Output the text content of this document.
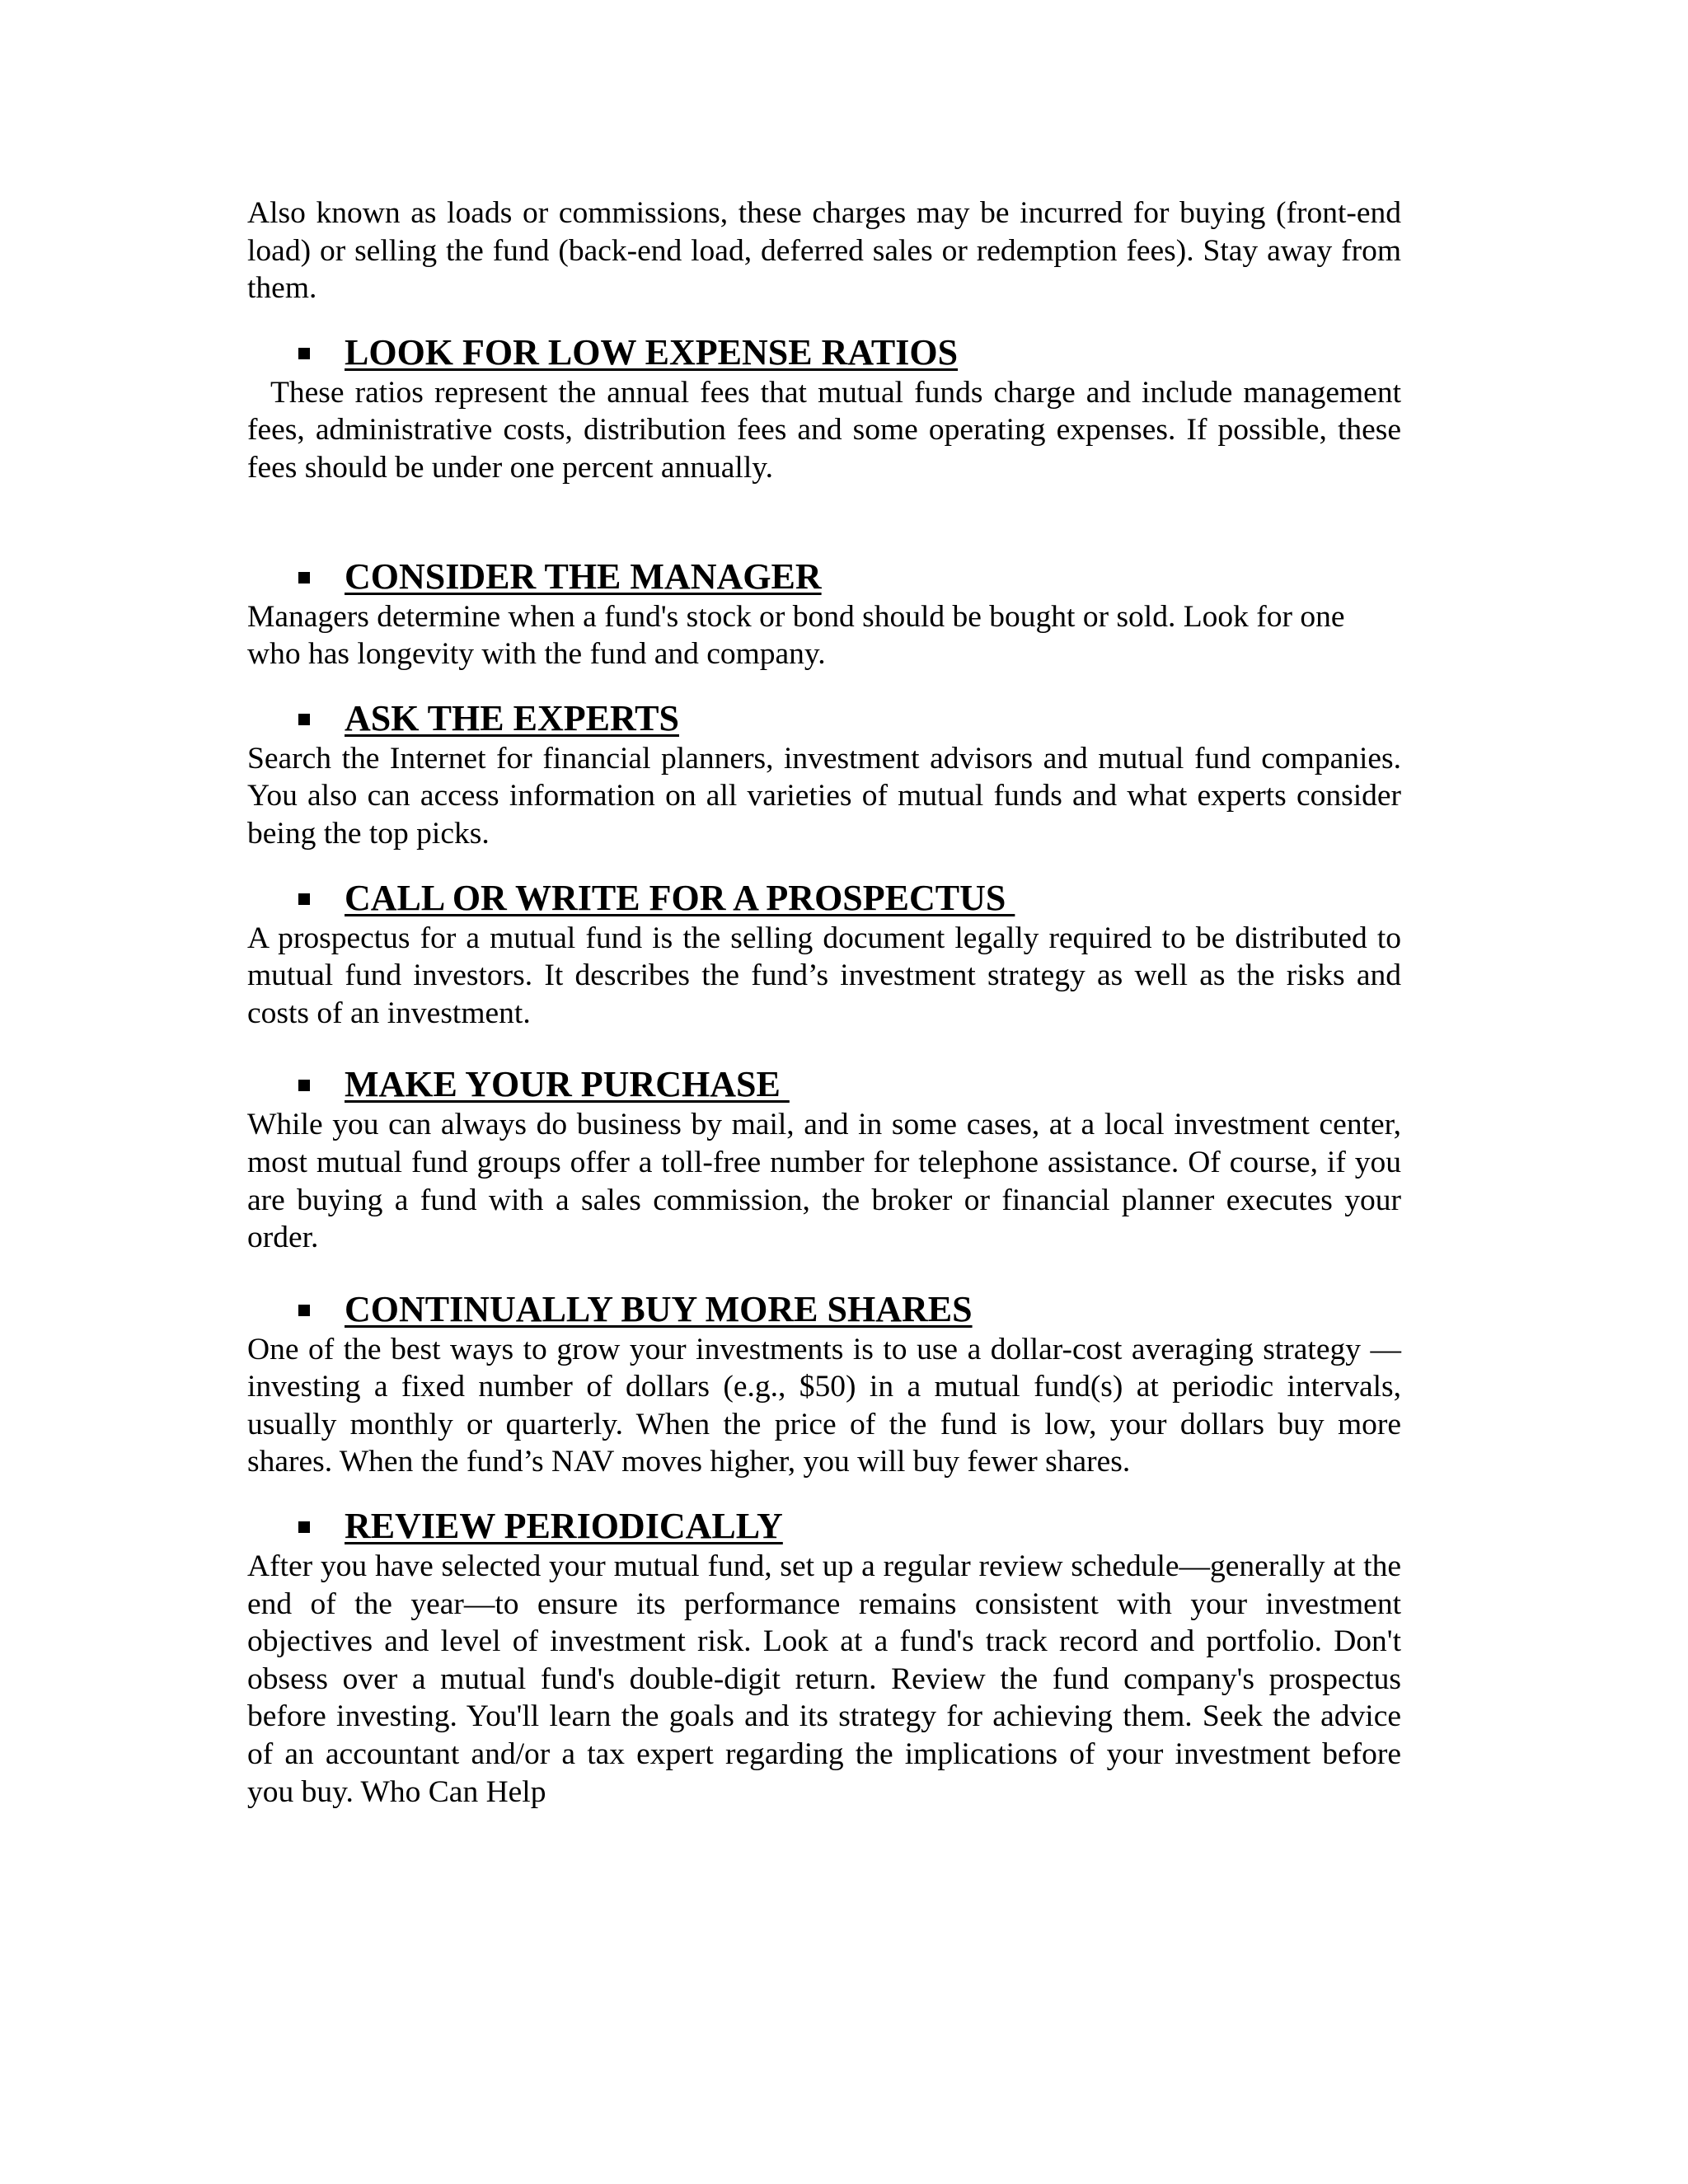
Also known as loads or commissions, these charges may be incurred for buying (front-end load) or selling the fund (back-end load, deferred sales or redemption fees). Stay away from them.

LOOK FOR LOW EXPENSE RATIOS

These ratios represent the annual fees that mutual funds charge and include management fees, administrative costs, distribution fees and some operating expenses. If possible, these fees should be under one percent annually.

CONSIDER THE MANAGER

Managers determine when a fund's stock or bond should be bought or sold. Look for one who has longevity with the fund and company.

ASK THE EXPERTS

Search the Internet for financial planners, investment advisors and mutual fund companies. You also can access information on all varieties of mutual funds and what experts consider being the top picks.

CALL OR WRITE FOR A PROSPECTUS

A prospectus for a mutual fund is the selling document legally required to be distributed to mutual fund investors. It describes the fund’s investment strategy as well as the risks and costs of an investment.

MAKE YOUR PURCHASE

While you can always do business by mail, and in some cases, at a local investment center, most mutual fund groups offer a toll-free number for telephone assistance. Of course, if you are buying a fund with a sales commission, the broker or financial planner executes your order.

CONTINUALLY BUY MORE SHARES

One of the best ways to grow your investments is to use a dollar-cost averaging strategy —investing a fixed number of dollars (e.g., $50) in a mutual fund(s) at periodic intervals, usually monthly or quarterly. When the price of the fund is low, your dollars buy more shares. When the fund’s NAV moves higher, you will buy fewer shares.

REVIEW PERIODICALLY

After you have selected your mutual fund, set up a regular review schedule—generally at the end of the year—to ensure its performance remains consistent with your investment objectives and level of investment risk. Look at a fund's track record and portfolio. Don't obsess over a mutual fund's double-digit return. Review the fund company's prospectus before investing. You'll learn the goals and its strategy for achieving them. Seek the advice of an accountant and/or a tax expert regarding the implications of your investment before you buy. Who Can Help
